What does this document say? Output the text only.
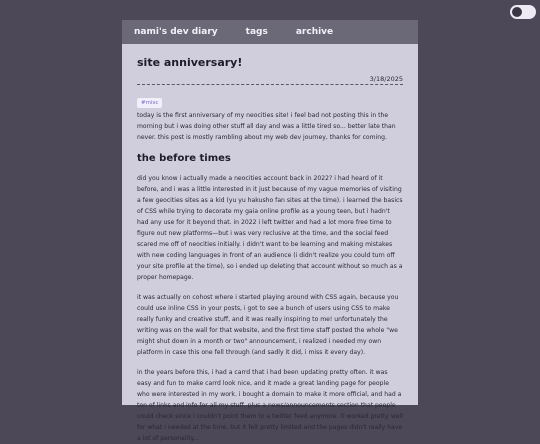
nami's dev diary	tags	archive
site anniversary!
3/18/2025
#misc

today is the first anniversary of my neocities site! i feel bad not posting this in the morning but i was doing other stuff all day and was a little tired so... better late than never. this post is mostly rambling about my web dev journey, thanks for coming.

the before times

did you know i actually made a neocities account back in 2022? i had heard of it before, and i was a little interested in it just because of my vague memories of visiting a few geocities sites as a kid (yu yu hakusho fan sites at the time). i learned the basics of CSS while trying to decorate my gaia online profile as a young teen, but i hadn't had any use for it beyond that. in 2022 i left twitter and had a lot more free time to figure out new platforms—but i was very reclusive at the time, and the social feed scared me off of neocities initially. i didn't want to be learning and making mistakes with new coding languages in front of an audience (i didn't realize you could turn off your site profile at the time), so i ended up deleting that account without so much as a proper homepage.

it was actually on cohost where i started playing around with CSS again, because you could use inline CSS in your posts, i got to see a bunch of users using CSS to make really funky and creative stuff, and it was really inspiring to me! unfortunately the writing was on the wall for that website, and the first time staff posted the whole "we might shut down in a month or two" announcement, i realized i needed my own platform in case this one fell through (and sadly it did, i miss it every day).

in the years before this, i had a carrd that i had been updating pretty often. it was easy and fun to make carrd look nice, and it made a great landing page for people who were interested in my work. i bought a domain to make it more official, and had a ton of links and info for all my stuff, plus a news/announcements section that people could check since i couldn't point them to a twitter feed anymore. it worked pretty well for what i needed at the time, but it felt pretty limited and the pages didn't really have a lot of personality...
